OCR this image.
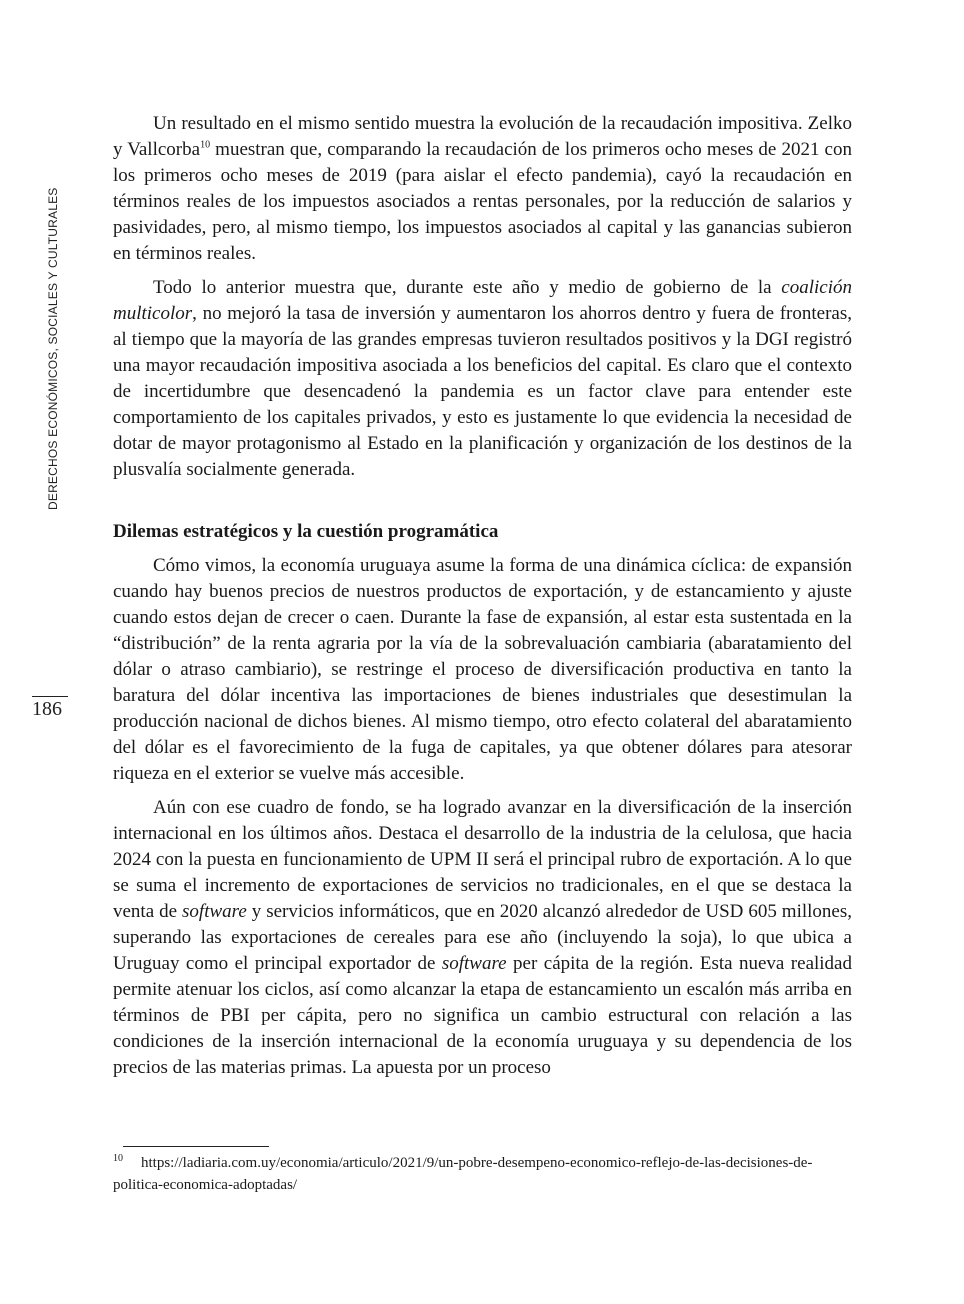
DERECHOS ECONÓMICOS, SOCIALES Y CULTURALES
186

Un resultado en el mismo sentido muestra la evolución de la recaudación impositiva. Zelko y Vallcorba$^{10}$ muestran que, comparando la recaudación de los primeros ocho meses de 2021 con los primeros ocho meses de 2019 (para aislar el efecto pandemia), cayó la recaudación en términos reales de los impuestos asociados a rentas personales, por la reducción de salarios y pasividades, pero, al mismo tiempo, los impuestos asociados al capital y las ganancias subieron en términos reales.

Todo lo anterior muestra que, durante este año y medio de gobierno de la coalición multicolor, no mejoró la tasa de inversión y aumentaron los ahorros dentro y fuera de fronteras, al tiempo que la mayoría de las grandes empresas tuvieron resultados positivos y la DGI registró una mayor recaudación impositiva asociada a los beneficios del capital. Es claro que el contexto de incertidumbre que desencadenó la pandemia es un factor clave para entender este comportamiento de los capitales privados, y esto es justamente lo que evidencia la necesidad de dotar de mayor protagonismo al Estado en la planificación y organización de los destinos de la plusvalía socialmente generada.

Dilemas estratégicos y la cuestión programática

Cómo vimos, la economía uruguaya asume la forma de una dinámica cíclica: de expansión cuando hay buenos precios de nuestros productos de exportación, y de estancamiento y ajuste cuando estos dejan de crecer o caen. Durante la fase de expansión, al estar esta sustentada en la “distribución” de la renta agraria por la vía de la sobrevaluación cambiaria (abaratamiento del dólar o atraso cambiario), se restringe el proceso de diversificación productiva en tanto la baratura del dólar incentiva las importaciones de bienes industriales que desestimulan la producción nacional de dichos bienes. Al mismo tiempo, otro efecto colateral del abaratamiento del dólar es el favorecimiento de la fuga de capitales, ya que obtener dólares para atesorar riqueza en el exterior se vuelve más accesible.

Aún con ese cuadro de fondo, se ha logrado avanzar en la diversificación de la inserción internacional en los últimos años. Destaca el desarrollo de la industria de la celulosa, que hacia 2024 con la puesta en funcionamiento de UPM II será el principal rubro de exportación. A lo que se suma el incremento de exportaciones de servicios no tradicionales, en el que se destaca la venta de software y servicios informáticos, que en 2020 alcanzó alrededor de USD 605 millones, superando las exportaciones de cereales para ese año (incluyendo la soja), lo que ubica a Uruguay como el principal exportador de software per cápita de la región. Esta nueva realidad permite atenuar los ciclos, así como alcanzar la etapa de estancamiento un escalón más arriba en términos de PBI per cápita, pero no significa un cambio estructural con relación a las condiciones de la inserción internacional de la economía uruguaya y su dependencia de los precios de las materias primas. La apuesta por un proceso

$^{10}$ https://ladiaria.com.uy/economia/articulo/2021/9/un-pobre-desempeno-economico-reflejo-de-las-decisiones-de-politica-economica-adoptadas/
